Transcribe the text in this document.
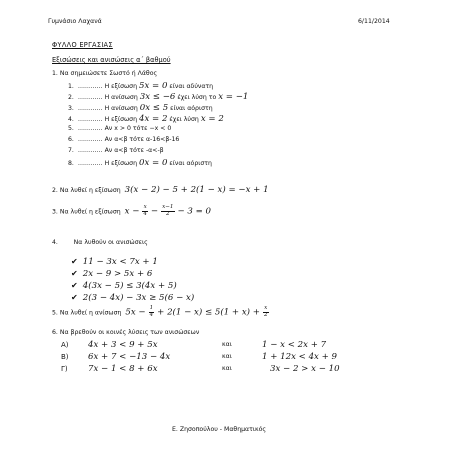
Γυμνάσιο Λαχανά	6/11/2014
ΦΥΛΛΟ ΕΡΓΑΣΙΑΣ
Εξισώσεις και ανισώσεις α΄ βαθμού
1. Να σημειώσετε Σωστό ή Λάθος
1. ………… Η εξίσωση 5x = 0 είναι αδύνατη
2. ………… Η ανίσωση 3x ≤ −6 έχει λύση το x = −1
3. ………… Η ανίσωση 0x ≤ 5 είναι αόριστη
4. ………… Η εξίσωση 4x = 2 έχει λύση x = 2
5. ………… Αν x > 0 τότε −x < 0
6. ………… Αν α<β τότε α-16<β-16
7. ………… Αν α<β τότε -α<-β
8. ………… Η εξίσωση 0x = 0 είναι αόριστη
2. Να λυθεί η εξίσωση 3(x − 2) − 5 + 2(1 − x) = −x + 1
3. Να λυθεί η εξίσωση $x - \frac{x}{4} - \frac{x-1}{2} - 3 = 0$
4.	Να λυθούν οι ανισώσεις
✔ 11 − 3x < 7x + 1
✔ 2x − 9 > 5x + 6
✔ 4(3x − 5) ≤ 3(4x + 5)
✔ 2(3 − 4x) − 3x ≥ 5(6 − x)
5. Να λυθεί η ανίσωση $5x - \frac{1}{4} + 2(1 - x) \le 5(1 + x) + \frac{x}{2}$
6. Να βρεθούν οι κοινές λύσεις των ανισώσεων
Α) 4x + 3 < 9 + 5x	και	1 − x < 2x + 7
Β) 6x + 7 < −13 − 4x	και	1 + 12x < 4x + 9
Γ) 7x − 1 < 8 + 6x	και	3x − 2 > x − 10
Ε. Ζησοπούλου - Μαθηματικός
